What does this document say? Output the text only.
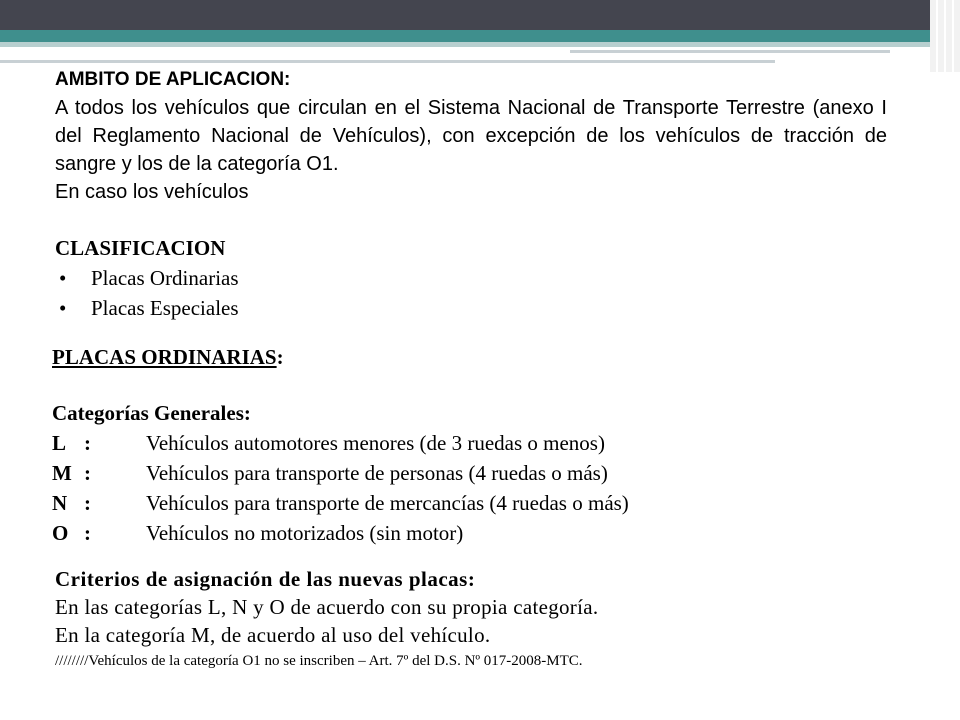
AMBITO DE APLICACION:
A todos los vehículos que circulan en el Sistema Nacional de Transporte Terrestre (anexo I del Reglamento Nacional de Vehículos), con excepción de los vehículos de tracción de sangre y los de la categoría O1.
En caso los vehículos
CLASIFICACION
•	Placas Ordinarias
•	Placas Especiales
PLACAS ORDINARIAS:
Categorías Generales:
L :	Vehículos automotores menores (de 3 ruedas o menos)
M :	Vehículos para transporte de personas (4 ruedas o más)
N :	Vehículos para transporte de mercancías (4 ruedas o más)
O :	Vehículos no motorizados (sin motor)
Criterios de asignación de las nuevas placas:
En las categorías L, N y O de acuerdo con su propia categoría.
En la categoría M, de acuerdo al uso del vehículo.
////////Vehículos de la categoría O1 no se inscriben – Art. 7º del D.S. Nº 017-2008-MTC.
